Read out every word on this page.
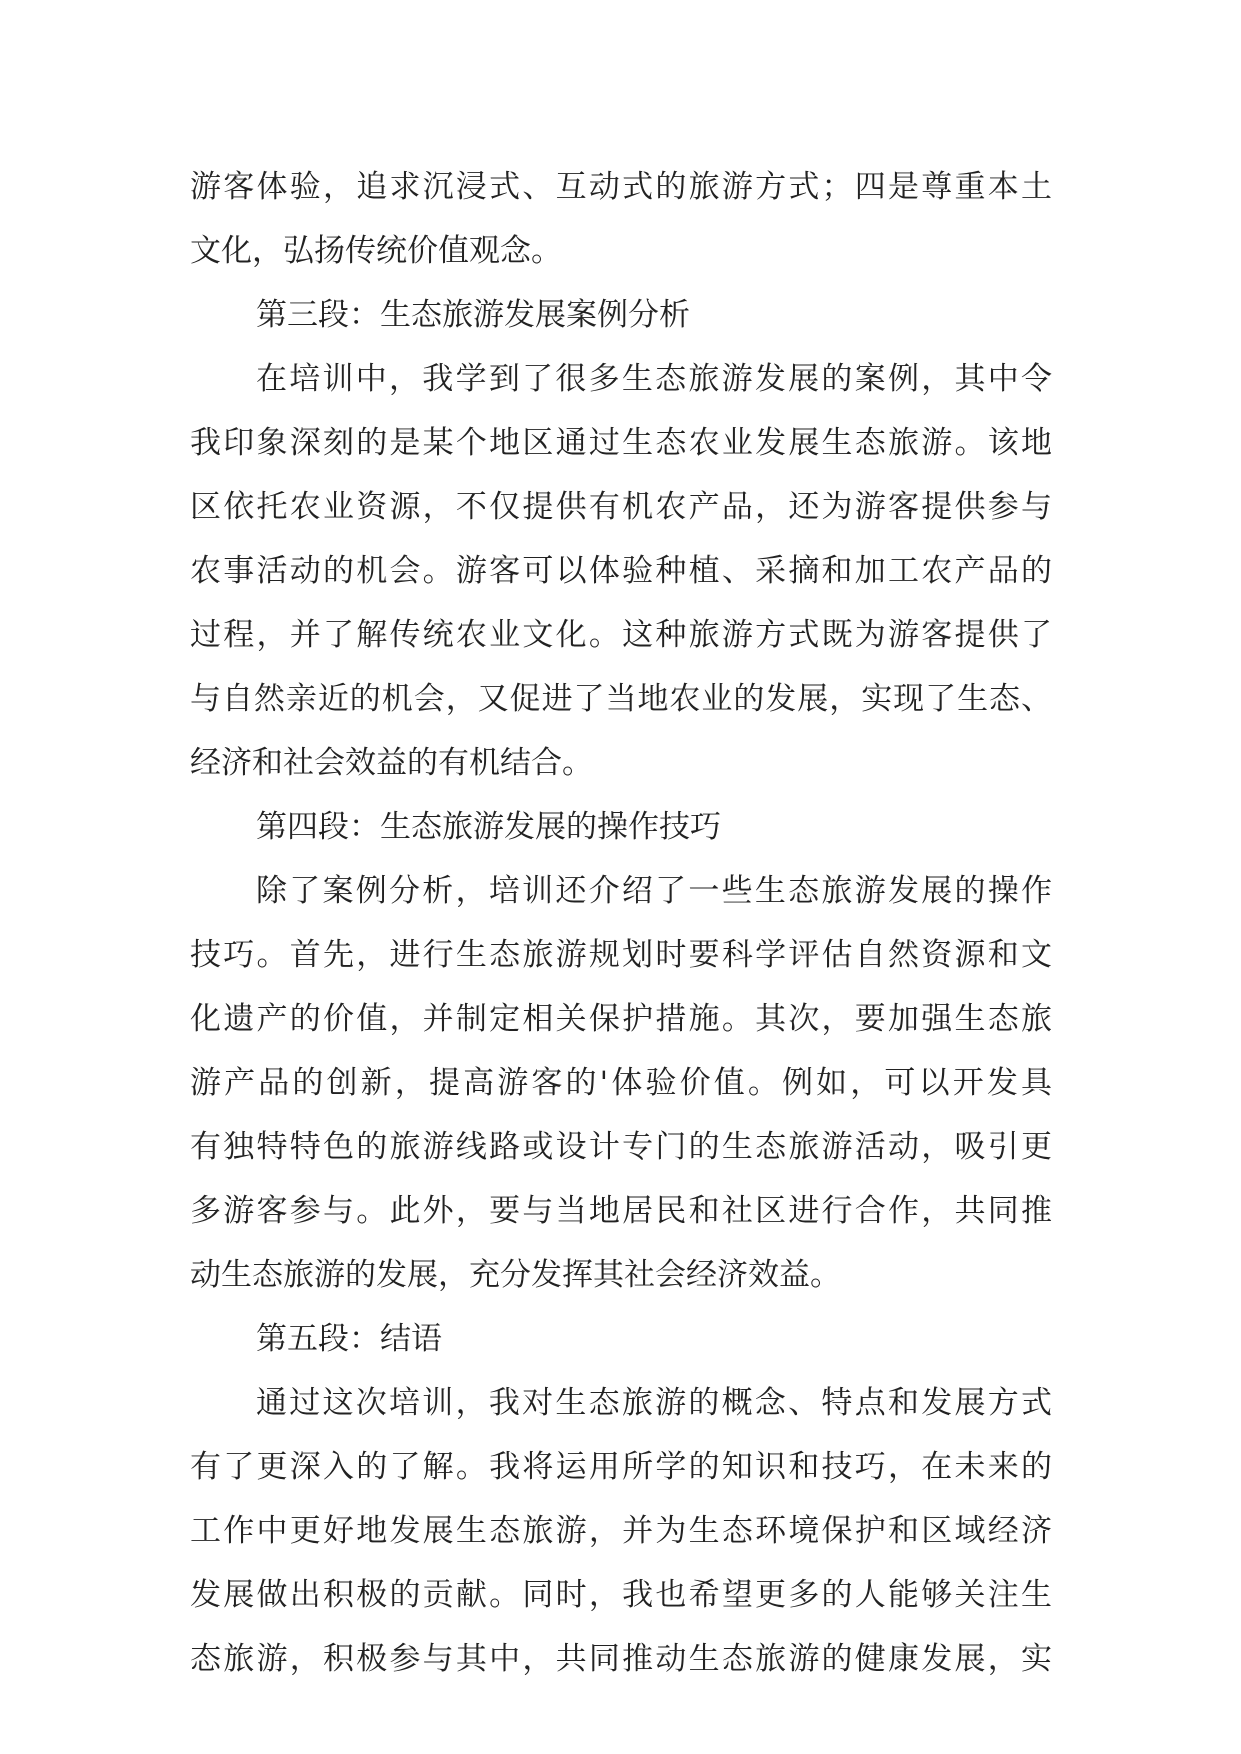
游客体验，追求沉浸式、互动式的旅游方式；四是尊重本土
文化，弘扬传统价值观念。
第三段：生态旅游发展案例分析
在培训中，我学到了很多生态旅游发展的案例，其中令
我印象深刻的是某个地区通过生态农业发展生态旅游。该地
区依托农业资源，不仅提供有机农产品，还为游客提供参与
农事活动的机会。游客可以体验种植、采摘和加工农产品的
过程，并了解传统农业文化。这种旅游方式既为游客提供了
与自然亲近的机会，又促进了当地农业的发展，实现了生态、
经济和社会效益的有机结合。
第四段：生态旅游发展的操作技巧
除了案例分析，培训还介绍了一些生态旅游发展的操作
技巧。首先，进行生态旅游规划时要科学评估自然资源和文
化遗产的价值，并制定相关保护措施。其次，要加强生态旅
游产品的创新，提高游客的'体验价值。例如，可以开发具
有独特特色的旅游线路或设计专门的生态旅游活动，吸引更
多游客参与。此外，要与当地居民和社区进行合作，共同推
动生态旅游的发展，充分发挥其社会经济效益。
第五段：结语
通过这次培训，我对生态旅游的概念、特点和发展方式
有了更深入的了解。我将运用所学的知识和技巧，在未来的
工作中更好地发展生态旅游，并为生态环境保护和区域经济
发展做出积极的贡献。同时，我也希望更多的人能够关注生
态旅游，积极参与其中，共同推动生态旅游的健康发展，实
